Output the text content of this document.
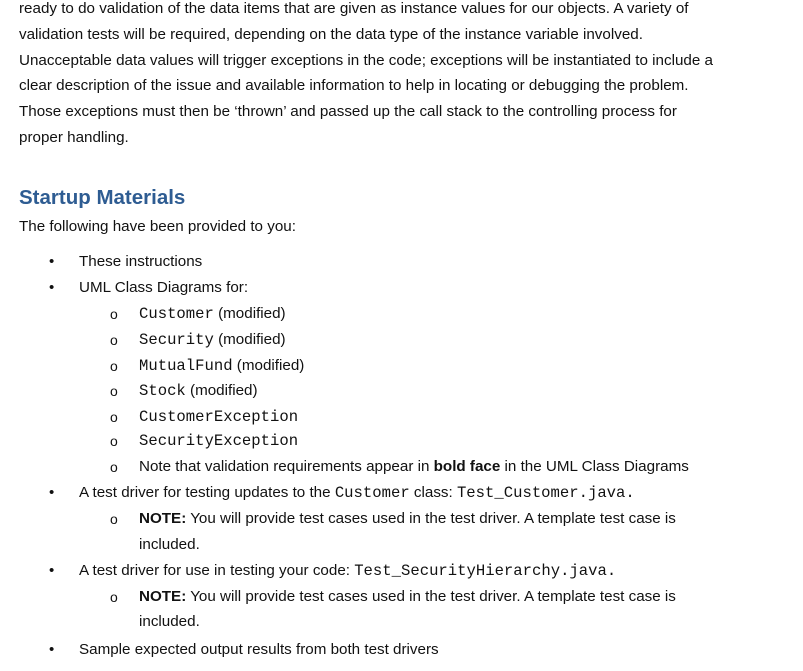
ready to do validation of the data items that are given as instance values for our objects. A variety of
validation tests will be required, depending on the data type of the instance variable involved.
Unacceptable data values will trigger exceptions in the code; exceptions will be instantiated to include a
clear description of the issue and available information to help in locating or debugging the problem.
Those exceptions must then be ‘thrown’ and passed up the call stack to the controlling process for
proper handling.
Startup Materials
The following have been provided to you:
•	These instructions
•	UML Class Diagrams for:
o Customer (modified)
o Security (modified)
o MutualFund (modified)
o Stock (modified)
o CustomerException
o SecurityException
o Note that validation requirements appear in bold face in the UML Class Diagrams
•	A test driver for testing updates to the Customer class: Test_Customer.java.
o NOTE: You will provide test cases used in the test driver. A template test case is
included.
•	A test driver for use in testing your code: Test_SecurityHierarchy.java.
o NOTE: You will provide test cases used in the test driver. A template test case is
included.
•	Sample expected output results from both test drivers
